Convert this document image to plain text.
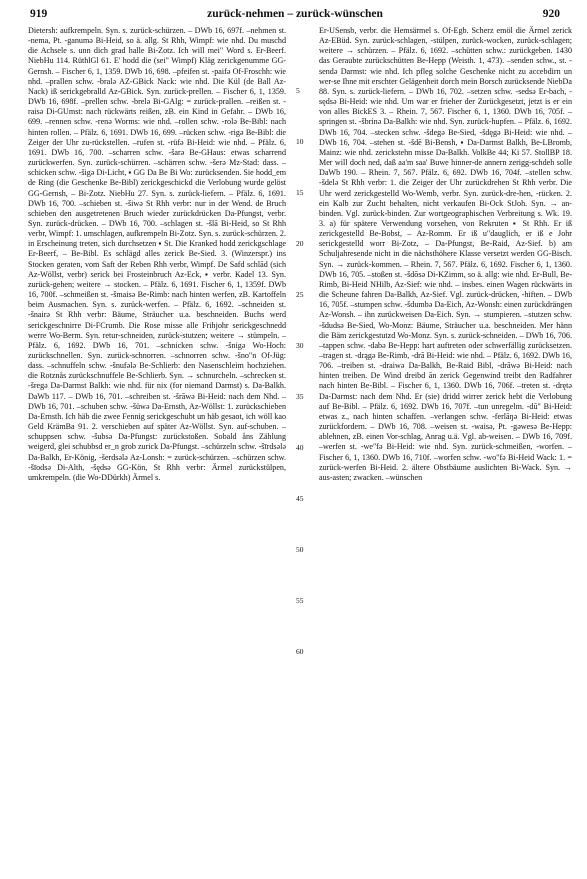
919	zurück-nehmen – zurück-wünschen	920

Dietersh: aufkrempeln. Syn. s. zurück-schürzen. – DWb 16, 697f. –nehmen st. -nema, Pt. -ganumə Bi-Heid, so ä. allg. St Rhh, Wimpf: wie nhd. Du muschd die Achsele s. unn dich grad halle Bi-Zotz. Ich will mei" Word s. Er-Beerf. NiebHu 114. RüthlGl 61. E' hodd die (sei" Wimpf) Kläg zerickgenumme GG-Gernsh. – Fischer 6, 1, 1359. DWb 16, 698. –pfeifen st. -paifə Of-Froschh: wie nhd. –prallen schw. -bralə AZ-GBick Nack: wie nhd. Die Kül (de Ball Az-Nack) iß serickgebralld Az-GBick. Syn. zurück-prellen. – Fischer 6, 1, 1359. DWb 16, 698f. –prellen schw. -brelə Bi-GAlg: = zurück-prallen. –reißen st. -raisə Di-GUmst: nach rückwärts reißen, zB. ein Kind in Gefahr. – DWb 16, 699. –rennen schw. -renə Worms: wie nhd. –rollen schw. -rolə Be-Bibl: nach hinten rollen. – Pfälz. 6, 1691. DWb 16, 699. –rücken schw. -rigə Be-Bibl: die Zeiger der Uhr zu-rückstellen. –rufen st. -rüfə Bi-Heid: wie nhd. – Pfälz. 6, 1691. DWb 16, 700. –scharren schw. -šarə Be-GHaus: etwas scharrend zurückwerfen. Syn. zurück-schürren. –schärren schw. -šerə Mz-Stad: dass. –schicken schw. -šigə Di-Licht, ▪ GG Da Be Bi Wo: zurücksenden. Sie hodd_em de Ring (die Geschenke Be-Bibl) zerickgeschickd die Verlobung wurde gelöst GG-Gernsh, – Bi-Zotz. NiebHu 27. Syn. s. zurück-liefern. – Pfälz. 6, 1691. DWb 16, 700. –schieben st. -šiwə St Rhh verbr: nur in der Wend. de Bruch schieben den ausgetretenen Bruch wieder zurückdrücken Da-Pfungst, verbr. Syn. zurück-drücken. – DWb 16, 700. –schlagen st. -šlā Bi-Heid, so St Rhh verbr, Wimpf: 1. umschlagen, aufkrempeln Bi-Zotz. Syn. s. zurück-schürzen. 2. in Erscheinung treten, sich durchsetzen ▪ St. Die Kranked hodd zerickgschlage Er-Beerf, – Be-Bibl. Es schlägd alles zerick Be-Sied. 3. (Winzerspr.) ins Stocken geraten, vom Saft der Reben Rhh verbr, Wimpf. De Safd schlād (sich Az-Wöllst, verbr) serick bei Frosteinbruch Az-Eck, ▪ verbr. Kadel 13. Syn. zurück-gehen; weitere → stocken. – Pfälz. 6, 1691. Fischer 6, 1, 1359f. DWb 16, 700f. –schmeißen st. -šmaisə Be-Rimb: nach hinten werfen, zB. Kartoffeln beim Ausmachen. Syn. s. zurück-werfen. – Pfälz. 6, 1692. –schneiden st. -šnairə St Rhh verbr: Bäume, Sträucher u.a. beschneiden. Buchs werd serickgeschnirre Di-FCrumb. Die Rose misse alle Frihjohr serickgeschnedd werre Wo-Berm. Syn. retur-schneiden, zurück-stutzen; weitere → stümpeln. – Pfälz. 6, 1692. DWb 16, 701. –schnicken schw. -šnigə Wo-Hoch: zurückschnellen. Syn. zurück-schnorren. –schnorren schw. -šno"n Of-Jüg: dass. –schnuffeln schw. -šnufələ Be-Schlierb: den Nasenschleim hochziehen. die Rotznås zurückschnuffele Be-Schlierb. Syn. → schnurcheln. –schrecken st. -šregə Da-Darmst Balkh: wie nhd. für nix (for niemand Darmst) s. Da-Balkh. DaWb 117. – DWb 16, 701. –schreiben st. -šrāwə Bi-Heid: nach dem Nhd. – DWb 16, 701. –schuben schw. -šüwə Da-Ernsth, Az-Wöllst: 1. zurückschieben Da-Ernsth. Ich häb die zwee Fennig serickgeschubt un häb gesaot, ich wöll kao Geld KrämBa 91. 2. verschieben auf später Az-Wöllst. Syn. auf-schuben. –schuppsen schw. -šubsə Da-Pfungst: zurückstoßen. Sobald åns Zählung weigerd, glei schubbsd er_n grob zurick Da-Pfungst. –schürzeln schw. -šīrdsələ Da-Balkh, Er-König, -šerdsələ Az-Lonsh: = zurück-schürzen. –schürzen schw. -šīodsə Di-Alth, -šędsə GG-Kön, St Rhh verbr: Ärmel zurückstülpen, umkrempeln. (die Wo-DDürkh) Ärmel s.

5
10
15
20
25
30
35
40
45
50
55
60

Er-USensb, verbr. die Hemsärmel s. Of-Egb. Scherz emöl die Ärmel zerick Az-EBüd. Syn. zurück-schlagen, -stülpen, zurück-wocken, zurück-schlagen; weitere → schürzen. – Pfälz. 6, 1692. –schütten schw.: zurückgeben. 1430 das Geraubte zurückschütten Be-Hepp (Weisth. 1, 473). –senden schw., st. -sendə Darmst: wie nhd. Ich pfleg solche Geschenke nicht zu accebdirn un wer-se Ihne mit erschter Gelägenheit dorch mein Borsch zurücksende NiebDa 88. Syn. s. zurück-liefern. – DWb 16, 702. –setzen schw. -sedsə Er-bach, -sędsə Bi-Heid: wie nhd. Um war er frieher der Zurückgesetzt, jetzt is er ein von alles BickES 3. – Rhein. 7, 567. Fischer 6, 1, 1360. DWb 16, 705f. –springen st. -šbrinə Da-Balkh: wie nhd. Syn. zurück-hupfen. – Pfälz. 6, 1692. DWb 16, 704. –stecken schw. -šdegə Be-Sied, -šdęgə Bi-Heid: wie nhd. – DWb 16, 704. –stehen st. -šdē Bi-Bensh, ▪ Da-Darmst Balkh, Be-LBromb, Mainz: wie nhd. zerickstehn misse Da-Balkh. VolkBe 44; Ki 57. StollBP 18. Mer will doch ned, daß aa'm saa' Buwe hinner-de annern zerigg-schdeh solle DaWb 190. – Rhein. 7, 567. Pfälz. 6, 692. DWb 16, 704f. –stellen schw. -šdelə St Rhh verbr: 1. die Zeiger der Uhr zurückdrehen St Rhh verbr. Die Uhr werd zerickgestelld Wo-Wemb, verbr. Syn. zurück-dre-hen, -rücken. 2. ein Kalb zur Zucht behalten, nicht verkaufen Bi-Ock StJoh. Syn. → an-binden. Vgl. zurück-binden. Zur wortgeographischen Verbreitung s. Wk. 19. 3. a) für spätere Verwendung vorsehen, von Rekruten ▪ St Rhh. Er iß zerickgestelld Be-Bobst, – Az-Romm. Er iß u"dauglich, er iß e Johr serickgestelld worr Bi-Zotz, – Da-Pfungst, Be-Raid, Az-Sief. b) am Schuljahresende nicht in die nächsthöhere Klasse versetzt werden GG-Bisch. Syn. → zurück-kommen. – Rhein. 7, 567. Pfälz. 6, 1692. Fischer 6, 1, 1360. DWb 16, 705. –stoßen st. -šdōsə Di-KZimm, so ä. allg: wie nhd. Er-Bull, Be-Rimb, Bi-Heid NHilb, Az-Sief: wie nhd. – insbes. einen Wagen rückwärts in die Scheune fahren Da-Balkh, Az-Sief. Vgl. zurück-drücken, -hiften. – DWb 16, 705f. –stumpen schw. -šdumbə Da-Eich, Az-Wonsh: einen zurückdrängen Az-Wonsh. – ihn zurückweisen Da-Eich. Syn. → stumpieren. –stutzen schw. -šdudsə Be-Sied, Wo-Monz: Bäume, Sträucher u.a. beschneiden. Mer hänn die Bäm zerickgestutzd Wo-Monz. Syn. s. zurück-schneiden. – DWb 16, 706. –tappen schw. -dabə Be-Hepp: hart auftreten oder schwerfällig zurücksetzen. –tragen st. -drągə Be-Rimb, -drā Bi-Heid: wie nhd. – Pfälz. 6, 1692. DWb 16, 706. –treiben st. -draiwə Da-Balkh, Be-Raid Bibl, -drāwə Bi-Heid: nach hinten treiben. De Wind dreibd ān zerick Gegenwind treibt den Radfahrer nach hinten Be-Bibl. – Fischer 6, 1, 1360. DWb 16, 706f. –treten st. -drętə Da-Darmst: nach dem Nhd. Er (sie) dridd wirrer zerick hebt die Verlobung auf Be-Bibl. – Pfälz. 6, 1692. DWb 16, 707f. –tun unregelm. -dū" Bi-Heid: etwas z., nach hinten schaffen. –verlangen schw. -ferlāŋə Bi-Heid: etwas zurückfordern. – DWb 16, 708. –weisen st. -waisə, Pt. -gəwesə Be-Hepp: ablehnen, zB. einen Vor-schlag, Anrag u.ä. Vgl. ab-weisen. – DWb 16, 709f. –werfen st. -we"fə Bi-Heid: wie nhd. Syn. zurück-schmeißen, -worfen. – Fischer 6, 1, 1360. DWb 16, 710f. –worfen schw. -wo"fə Bi-Heid Wack: 1. = zurück-werfen Bi-Heid. 2. ältere Obstbäume auslichten Bi-Wack. Syn. → aus-asten; zwacken. –wünschen
